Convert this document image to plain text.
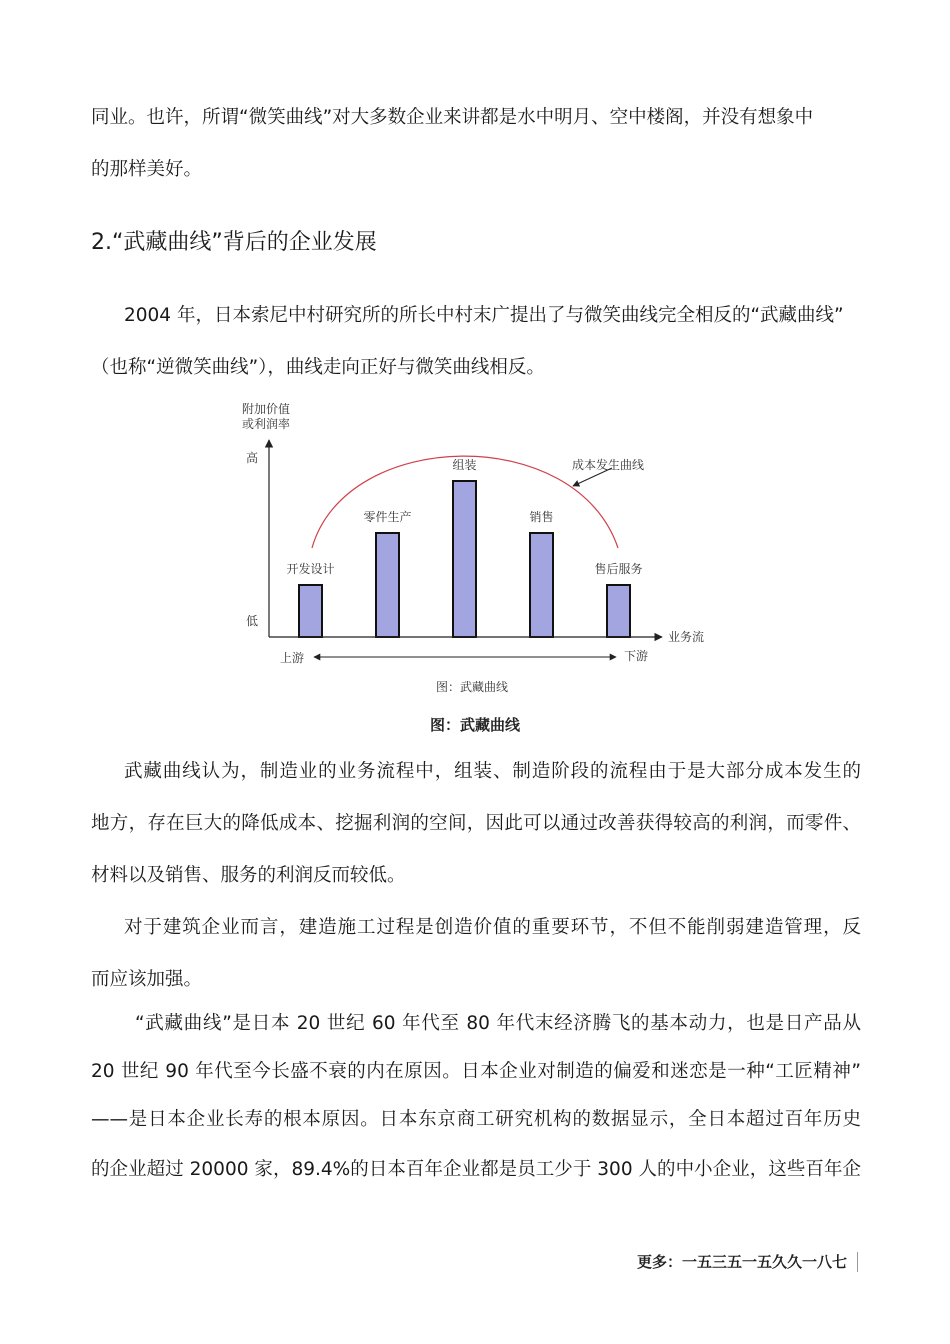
同业。也许，所谓“微笑曲线”对大多数企业来讲都是水中明月、空中楼阁，并没有想象中
的那样美好。
2.“武藏曲线”背后的企业发展
2004 年，日本索尼中村研究所的所长中村末广提出了与微笑曲线完全相反的“武藏曲线”
（也称“逆微笑曲线”），曲线走向正好与微笑曲线相反。
附加价值
或利润率
高
低
业务流
上游	下游
成本发生曲线
图：武藏曲线
开发设计
零件生产
组装
销售
售后服务
图：武藏曲线
武藏曲线认为，制造业的业务流程中，组装、制造阶段的流程由于是大部分成本发生的
地方，存在巨大的降低成本、挖掘利润的空间，因此可以通过改善获得较高的利润，而零件、
材料以及销售、服务的利润反而较低。
对于建筑企业而言，建造施工过程是创造价值的重要环节，不但不能削弱建造管理，反
而应该加强。
“武藏曲线”是日本 20 世纪 60 年代至 80 年代末经济腾飞的基本动力，也是日产品从
20 世纪 90 年代至今长盛不衰的内在原因。日本企业对制造的偏爱和迷恋是一种“工匠精神”
——是日本企业长寿的根本原因。日本东京商工研究机构的数据显示，全日本超过百年历史
的企业超过 20000 家，89.4%的日本百年企业都是员工少于 300 人的中小企业，这些百年企
更多：一五三五一五久久一八七
